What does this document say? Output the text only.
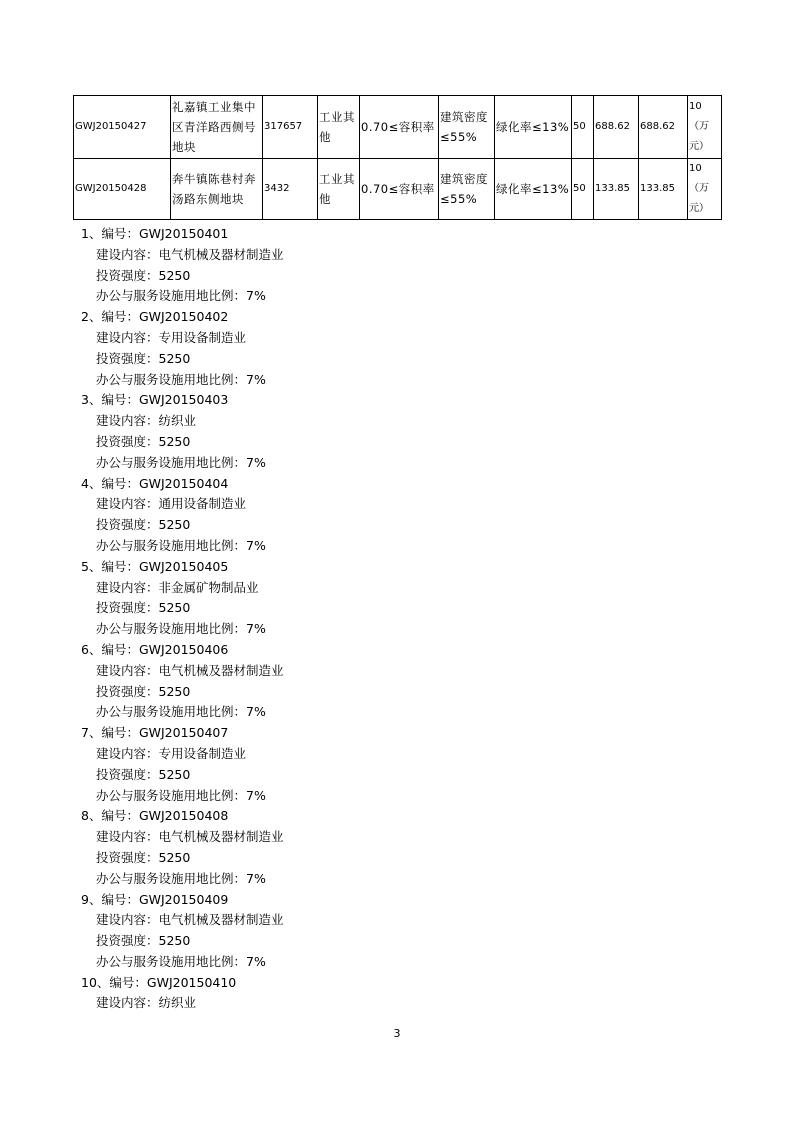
GWJ20150427	礼嘉镇工业集中区青洋路西侧号地块	317657	工业其他	0.70≤容积率	建筑密度≤55%	绿化率≤13%	50	688.62	688.62	10（万元）
GWJ20150428	奔牛镇陈巷村奔汤路东侧地块	3432	工业其他	0.70≤容积率	建筑密度≤55%	绿化率≤13%	50	133.85	133.85	10（万元）
1、编号：GWJ20150401
建设内容：电气机械及器材制造业
投资强度：5250
办公与服务设施用地比例：7%
2、编号：GWJ20150402
建设内容：专用设备制造业
投资强度：5250
办公与服务设施用地比例：7%
3、编号：GWJ20150403
建设内容：纺织业
投资强度：5250
办公与服务设施用地比例：7%
4、编号：GWJ20150404
建设内容：通用设备制造业
投资强度：5250
办公与服务设施用地比例：7%
5、编号：GWJ20150405
建设内容：非金属矿物制品业
投资强度：5250
办公与服务设施用地比例：7%
6、编号：GWJ20150406
建设内容：电气机械及器材制造业
投资强度：5250
办公与服务设施用地比例：7%
7、编号：GWJ20150407
建设内容：专用设备制造业
投资强度：5250
办公与服务设施用地比例：7%
8、编号：GWJ20150408
建设内容：电气机械及器材制造业
投资强度：5250
办公与服务设施用地比例：7%
9、编号：GWJ20150409
建设内容：电气机械及器材制造业
投资强度：5250
办公与服务设施用地比例：7%
10、编号：GWJ20150410
建设内容：纺织业
3
